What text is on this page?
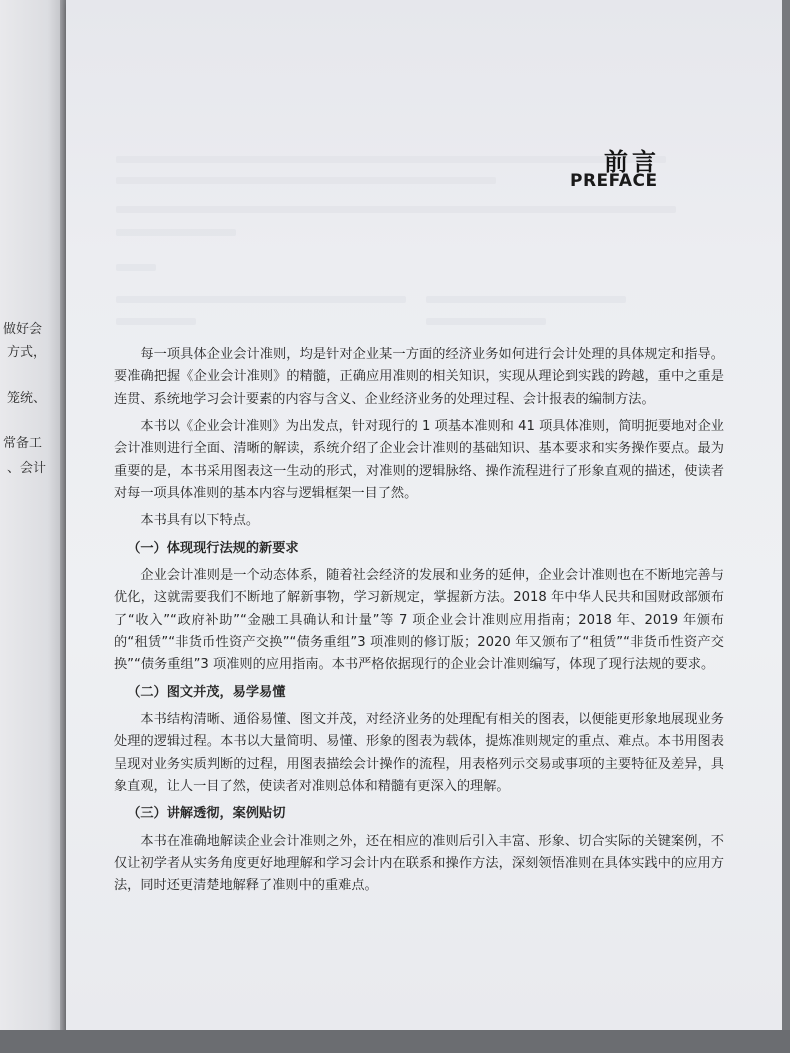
做好会
方式，
笼统、
常备工
、会计
前言
PREFACE

每一项具体企业会计准则，均是针对企业某一方面的经济业务如何进行会计处理的具体规定和指导。要准确把握《企业会计准则》的精髓，正确应用准则的相关知识，实现从理论到实践的跨越，重中之重是连贯、系统地学习会计要素的内容与含义、企业经济业务的处理过程、会计报表的编制方法。

本书以《企业会计准则》为出发点，针对现行的 1 项基本准则和 41 项具体准则，简明扼要地对企业会计准则进行全面、清晰的解读，系统介绍了企业会计准则的基础知识、基本要求和实务操作要点。最为重要的是，本书采用图表这一生动的形式，对准则的逻辑脉络、操作流程进行了形象直观的描述，使读者对每一项具体准则的基本内容与逻辑框架一目了然。

本书具有以下特点。

（一）体现现行法规的新要求

企业会计准则是一个动态体系，随着社会经济的发展和业务的延伸，企业会计准则也在不断地完善与优化，这就需要我们不断地了解新事物，学习新规定，掌握新方法。2018 年中华人民共和国财政部颁布了“收入”“政府补助”“金融工具确认和计量”等 7 项企业会计准则应用指南；2018 年、2019 年颁布的“租赁”“非货币性资产交换”“债务重组”3 项准则的修订版；2020 年又颁布了“租赁”“非货币性资产交换”“债务重组”3 项准则的应用指南。本书严格依据现行的企业会计准则编写，体现了现行法规的要求。

（二）图文并茂，易学易懂

本书结构清晰、通俗易懂、图文并茂，对经济业务的处理配有相关的图表，以便能更形象地展现业务处理的逻辑过程。本书以大量简明、易懂、形象的图表为载体，提炼准则规定的重点、难点。本书用图表呈现对业务实质判断的过程，用图表描绘会计操作的流程，用表格列示交易或事项的主要特征及差异，具象直观，让人一目了然，使读者对准则总体和精髓有更深入的理解。

（三）讲解透彻，案例贴切

本书在准确地解读企业会计准则之外，还在相应的准则后引入丰富、形象、切合实际的关键案例，不仅让初学者从实务角度更好地理解和学习会计内在联系和操作方法，深刻领悟准则在具体实践中的应用方法，同时还更清楚地解释了准则中的重难点。
